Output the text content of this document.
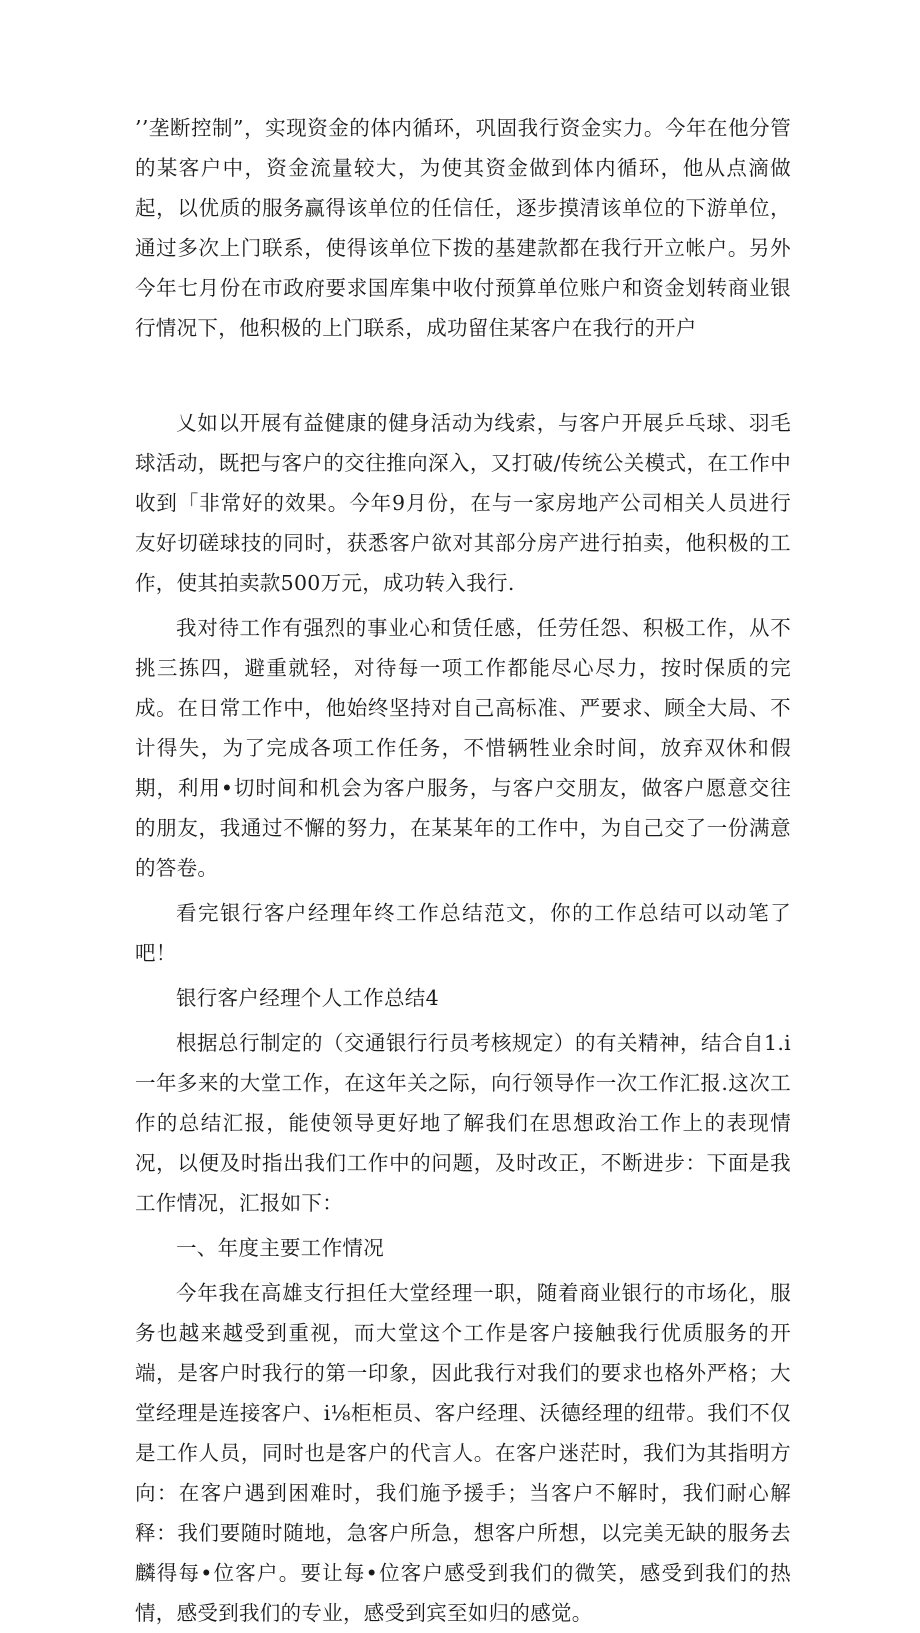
’’垄断控制”，实现资金的体内循环，巩固我行资金实力。今年在他分管的某客户中，资金流量较大，为使其资金做到体内循环，他从点滴做起，以优质的服务赢得该单位的任信任，逐步摸清该单位的下游单位，通过多次上门联系，使得该单位下拨的基建款都在我行开立帐户。另外今年七月份在市政府要求国库集中收付预算单位账户和资金划转商业银行情况下，他积极的上门联系，成功留住某客户在我行的开户

乂如以开展有益健康的健身活动为线索，与客户开展乒乓球、羽毛球活动，既把与客户的交往推向深入，又打破/传统公关模式，在工作中收到「非常好的效果。今年9月份，在与一家房地产公司相关人员进行友好切磋球技的同时，获悉客户欲对其部分房产进行拍卖，他积极的工作，使其拍卖款500万元，成功转入我行.

我对待工作有强烈的事业心和赁任感，任劳任怨、积极工作，从不挑三拣四，避重就轻，对待每一项工作都能尽心尽力，按时保质的完成。在日常工作中，他始终坚持对自己高标准、严要求、顾全大局、不计得失，为了完成各项工作任务，不惜辆牲业余时间，放弃双休和假期，利用•切时间和机会为客户服务，与客户交朋友，做客户愿意交往的朋友，我通过不懈的努力，在某某年的工作中，为自己交了一份满意的答卷。

看完银行客户经理年终工作总结范文，你的工作总结可以动笔了吧！

银行客户经理个人工作总结4

根据总行制定的（交通银行行员考核规定）的有关精神，结合自1.i一年多来的大堂工作，在这年关之际，向行领导作一次工作汇报.这次工作的总结汇报，能使领导更好地了解我们在思想政治工作上的表现情况，以便及时指出我们工作中的问题，及时改正，不断进步：下面是我工作情况，汇报如下：

一、年度主要工作情况

今年我在高雄支行担任大堂经理一职，随着商业银行的市场化，服务也越来越受到重视，而大堂这个工作是客户接触我行优质服务的开端，是客户时我行的第一印象，因此我行对我们的要求也格外严格；大堂经理是连接客户、i⅛柜柜员、客户经理、沃德经理的纽带。我们不仅是工作人员，同时也是客户的代言人。在客户迷茫时，我们为其指明方向：在客户遇到困难时，我们施予援手；当客户不解时，我们耐心解释：我们要随时随地，急客户所急，想客户所想，以完美无缺的服务去麟得每•位客户。要让每•位客户感受到我们的微笑，感受到我们的热情，感受到我们的专业，感受到宾至如归的感觉。
